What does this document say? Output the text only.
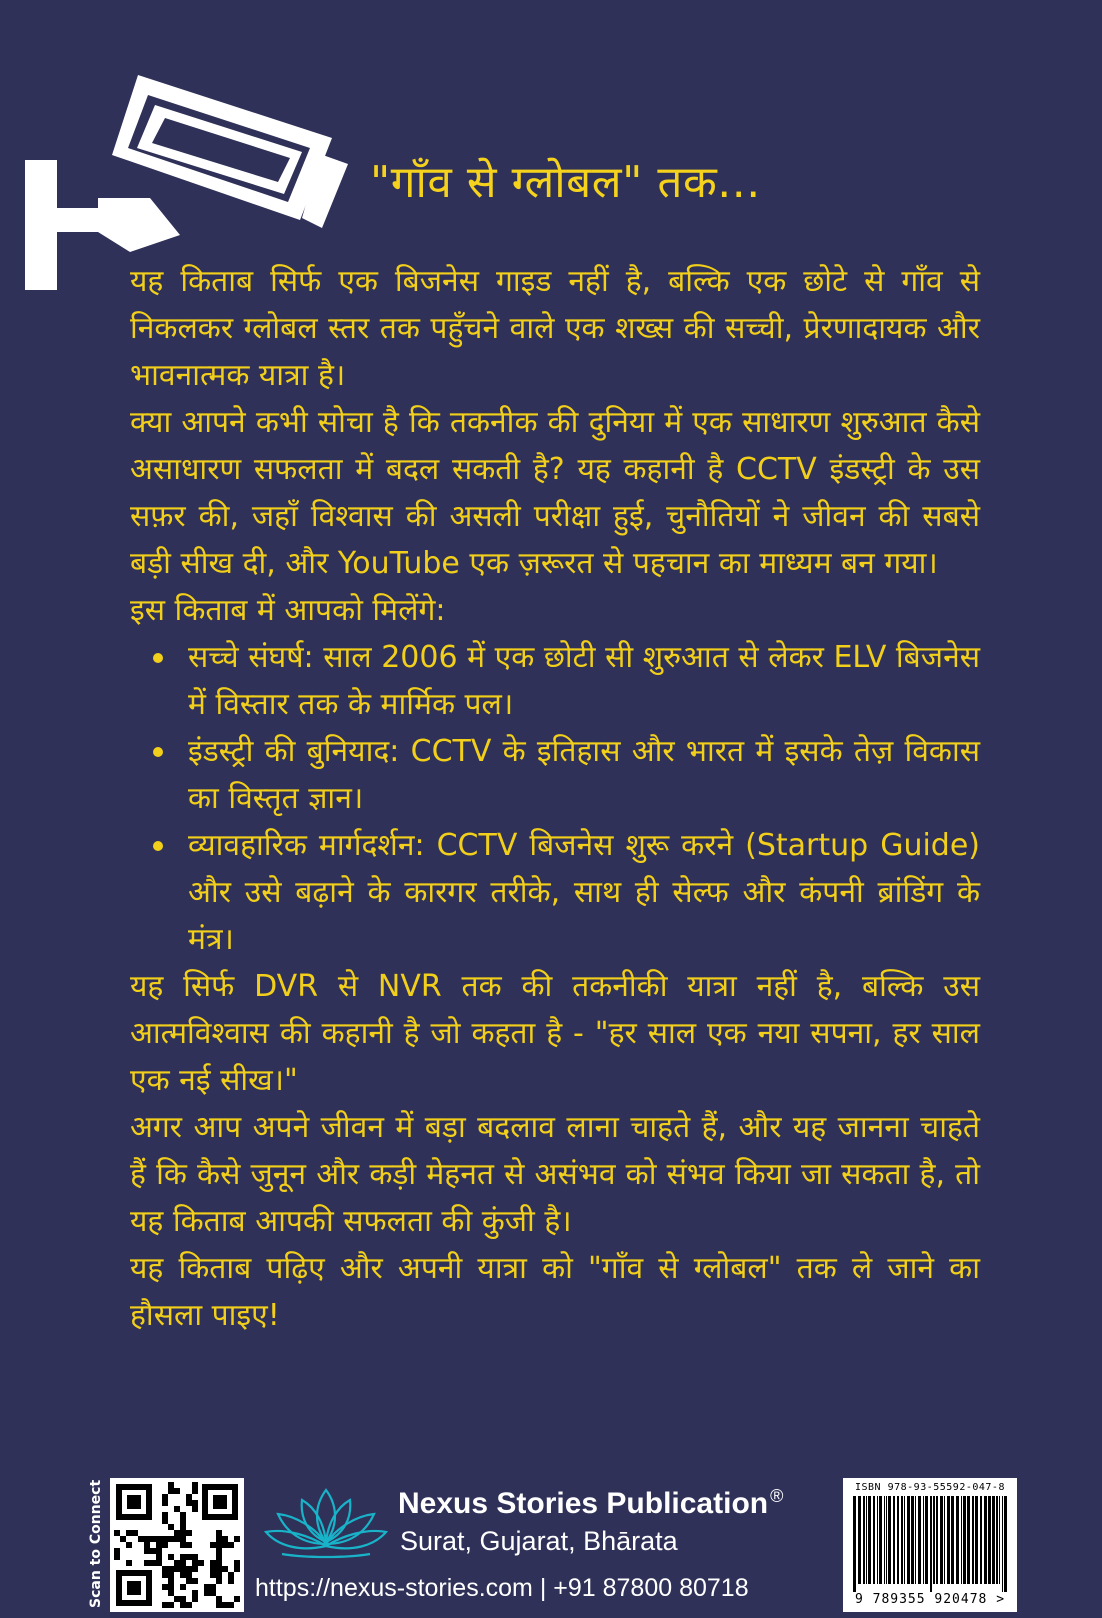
"गाँव से ग्लोबल" तक...

यह किताब सिर्फ एक बिजनेस गाइड नहीं है, बल्कि एक छोटे से गाँव से निकलकर ग्लोबल स्तर तक पहुँचने वाले एक शख्स की सच्ची, प्रेरणादायक और भावनात्मक यात्रा है।

क्या आपने कभी सोचा है कि तकनीक की दुनिया में एक साधारण शुरुआत कैसे असाधारण सफलता में बदल सकती है? यह कहानी है CCTV इंडस्ट्री के उस सफ़र की, जहाँ विश्वास की असली परीक्षा हुई, चुनौतियों ने जीवन की सबसे बड़ी सीख दी, और YouTube एक ज़रूरत से पहचान का माध्यम बन गया।

इस किताब में आपको मिलेंगे:

सच्चे संघर्ष: साल 2006 में एक छोटी सी शुरुआत से लेकर ELV बिजनेस में विस्तार तक के मार्मिक पल।
इंडस्ट्री की बुनियाद: CCTV के इतिहास और भारत में इसके तेज़ विकास का विस्तृत ज्ञान।
व्यावहारिक मार्गदर्शन: CCTV बिजनेस शुरू करने (Startup Guide) और उसे बढ़ाने के कारगर तरीके, साथ ही सेल्फ और कंपनी ब्रांडिंग के मंत्र।

यह सिर्फ DVR से NVR तक की तकनीकी यात्रा नहीं है, बल्कि उस आत्मविश्वास की कहानी है जो कहता है - "हर साल एक नया सपना, हर साल एक नई सीख।"

अगर आप अपने जीवन में बड़ा बदलाव लाना चाहते हैं, और यह जानना चाहते हैं कि कैसे जुनून और कड़ी मेहनत से असंभव को संभव किया जा सकता है, तो यह किताब आपकी सफलता की कुंजी है।

यह किताब पढ़िए और अपनी यात्रा को "गाँव से ग्लोबल" तक ले जाने का हौसला पाइए!

Scan to Connect	Nexus Stories Publication ®
Surat, Gujarat, Bhārata
https://nexus-stories.com | +91 87800 80718
ISBN 978-93-55592-047-8
9 789355 920478 >
